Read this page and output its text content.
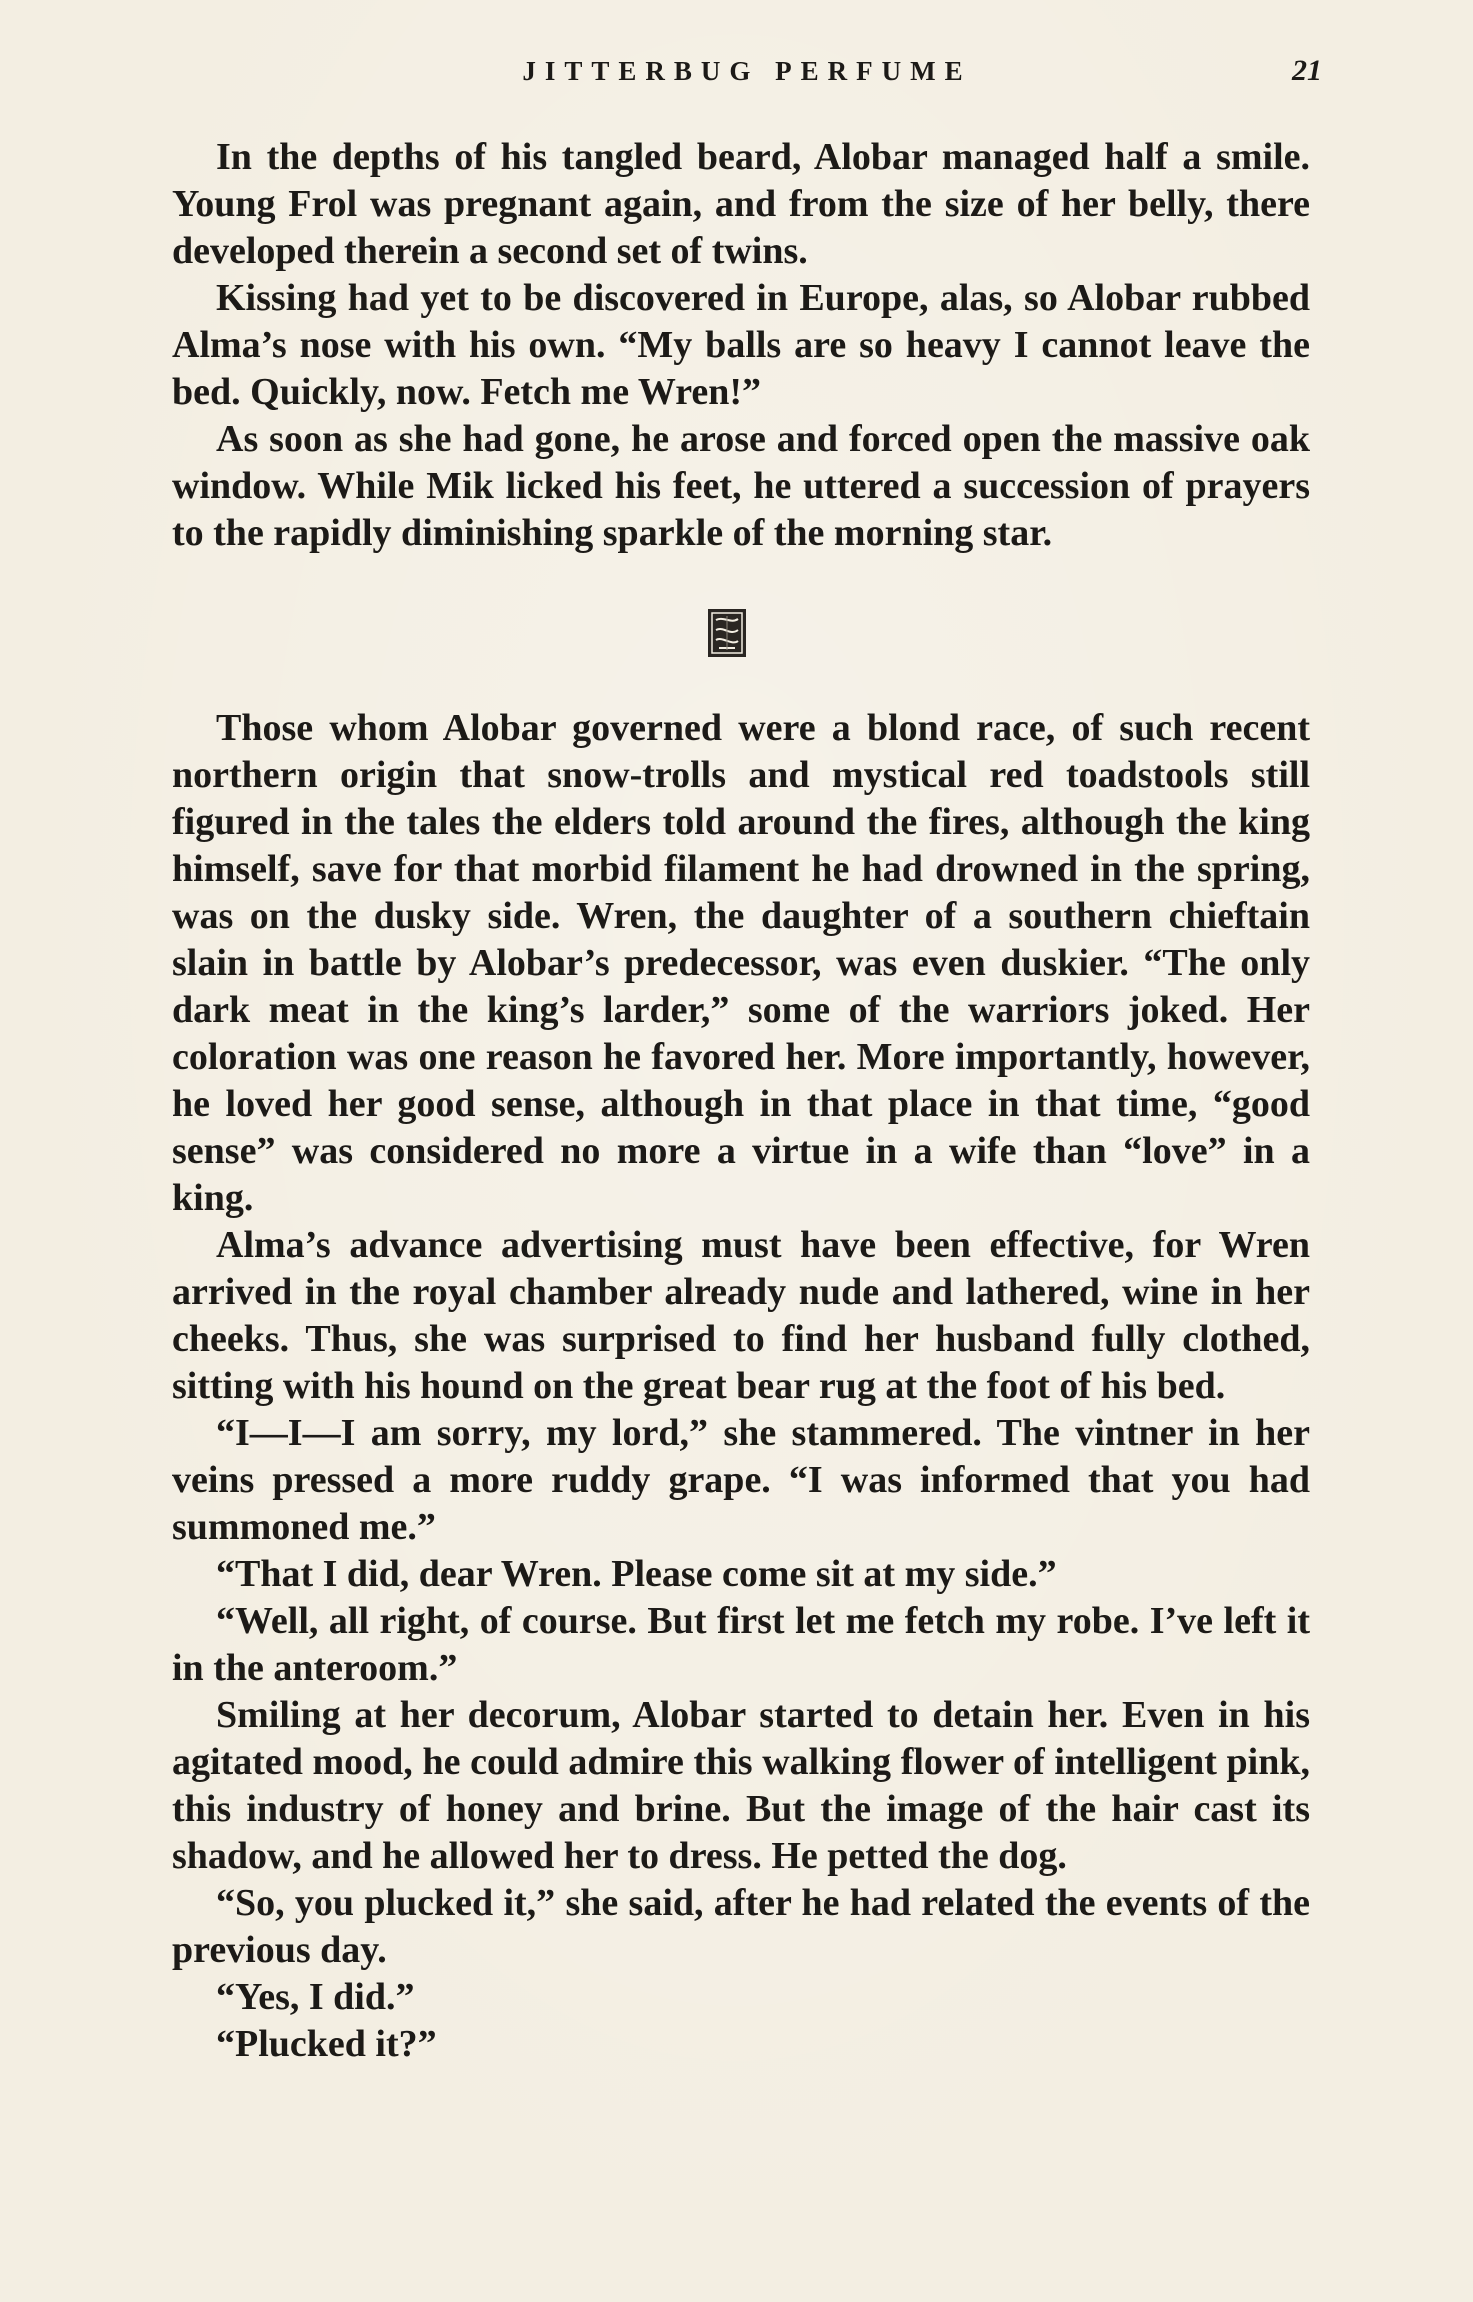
JITTERBUG PERFUME	21

In the depths of his tangled beard, Alobar managed half a smile. Young Frol was pregnant again, and from the size of her belly, there developed therein a second set of twins.

Kissing had yet to be discovered in Europe, alas, so Alobar rubbed Alma’s nose with his own. “My balls are so heavy I cannot leave the bed. Quickly, now. Fetch me Wren!”

As soon as she had gone, he arose and forced open the massive oak window. While Mik licked his feet, he uttered a succession of prayers to the rapidly diminishing sparkle of the morning star.

Those whom Alobar governed were a blond race, of such recent northern origin that snow-trolls and mystical red toadstools still figured in the tales the elders told around the fires, although the king himself, save for that morbid filament he had drowned in the spring, was on the dusky side. Wren, the daughter of a southern chieftain slain in battle by Alobar’s predecessor, was even duskier. “The only dark meat in the king’s larder,” some of the warriors joked. Her coloration was one reason he favored her. More importantly, however, he loved her good sense, although in that place in that time, “good sense” was considered no more a virtue in a wife than “love” in a king.

Alma’s advance advertising must have been effective, for Wren arrived in the royal chamber already nude and lathered, wine in her cheeks. Thus, she was surprised to find her husband fully clothed, sitting with his hound on the great bear rug at the foot of his bed.

“I—I—I am sorry, my lord,” she stammered. The vintner in her veins pressed a more ruddy grape. “I was informed that you had summoned me.”

“That I did, dear Wren. Please come sit at my side.”

“Well, all right, of course. But first let me fetch my robe. I’ve left it in the anteroom.”

Smiling at her decorum, Alobar started to detain her. Even in his agitated mood, he could admire this walking flower of intelligent pink, this industry of honey and brine. But the image of the hair cast its shadow, and he allowed her to dress. He petted the dog.

“So, you plucked it,” she said, after he had related the events of the previous day.

“Yes, I did.”

“Plucked it?”
